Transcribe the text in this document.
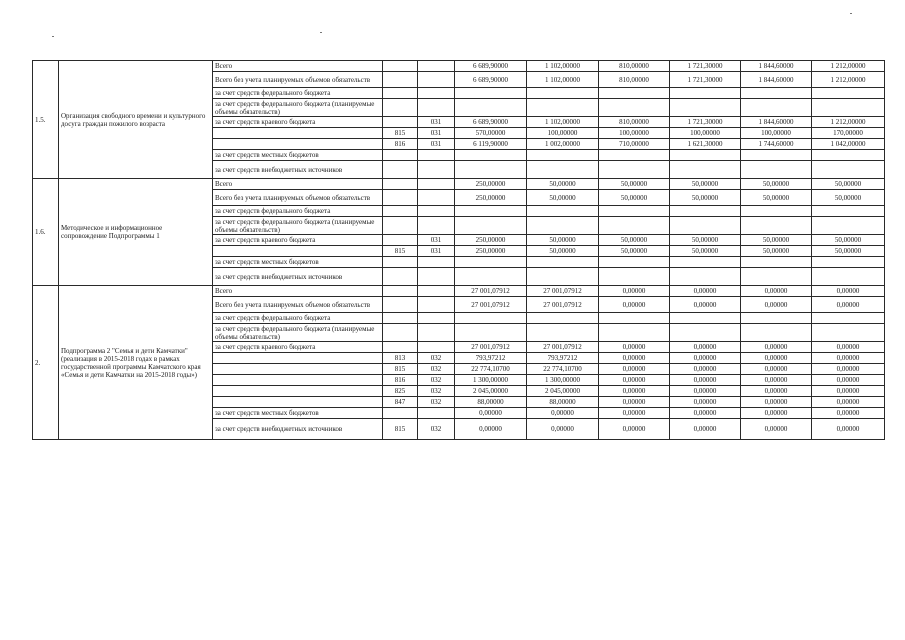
1.5.	Организация свободного времени и культурного досуга граждан пожилого возраста	Всего			6 689,90000	1 102,00000	810,00000	1 721,30000	1 844,60000	1 212,00000
		Всего без учета планируемых объемов обязательств			6 689,90000	1 102,00000	810,00000	1 721,30000	1 844,60000	1 212,00000
		за счет средств федерального бюджета								
		за счет средств федерального бюджета (планируемые объемы обязательств)								
		за счет средств краевого бюджета		031	6 689,90000	1 102,00000	810,00000	1 721,30000	1 844,60000	1 212,00000
			815	031	570,00000	100,00000	100,00000	100,00000	100,00000	170,00000
			816	031	6 119,90000	1 002,00000	710,00000	1 621,30000	1 744,60000	1 042,00000
		за счет средств местных бюджетов								
		за счет средств внебюджетных источников								
1.6.	Методическое и информационное сопровождение Подпрограммы 1	Всего			250,00000	50,00000	50,00000	50,00000	50,00000	50,00000
		Всего без учета планируемых объемов обязательств			250,00000	50,00000	50,00000	50,00000	50,00000	50,00000
		за счет средств федерального бюджета								
		за счет средств федерального бюджета (планируемые объемы обязательств)								
		за счет средств краевого бюджета		031	250,00000	50,00000	50,00000	50,00000	50,00000	50,00000
			815	031	250,00000	50,00000	50,00000	50,00000	50,00000	50,00000
		за счет средств местных бюджетов								
		за счет средств внебюджетных источников								
2.	Подпрограмма 2 "Семья и дети Камчатки" (реализация в 2015-2018 годах в рамках государственной программы Камчатского края «Семья и дети Камчатки на 2015-2018 годы»)	Всего			27 001,07912	27 001,07912	0,00000	0,00000	0,00000	0,00000
		Всего без учета планируемых объемов обязательств			27 001,07912	27 001,07912	0,00000	0,00000	0,00000	0,00000
		за счет средств федерального бюджета								
		за счет средств федерального бюджета (планируемые объемы обязательств)								
		за счет средств краевого бюджета			27 001,07912	27 001,07912	0,00000	0,00000	0,00000	0,00000
			813	032	793,97212	793,97212	0,00000	0,00000	0,00000	0,00000
			815	032	22 774,10700	22 774,10700	0,00000	0,00000	0,00000	0,00000
			816	032	1 300,00000	1 300,00000	0,00000	0,00000	0,00000	0,00000
			825	032	2 045,00000	2 045,00000	0,00000	0,00000	0,00000	0,00000
			847	032	88,00000	88,00000	0,00000	0,00000	0,00000	0,00000
		за счет средств местных бюджетов			0,00000	0,00000	0,00000	0,00000	0,00000	0,00000
		за счет средств внебюджетных источников	815	032	0,00000	0,00000	0,00000	0,00000	0,00000	0,00000
